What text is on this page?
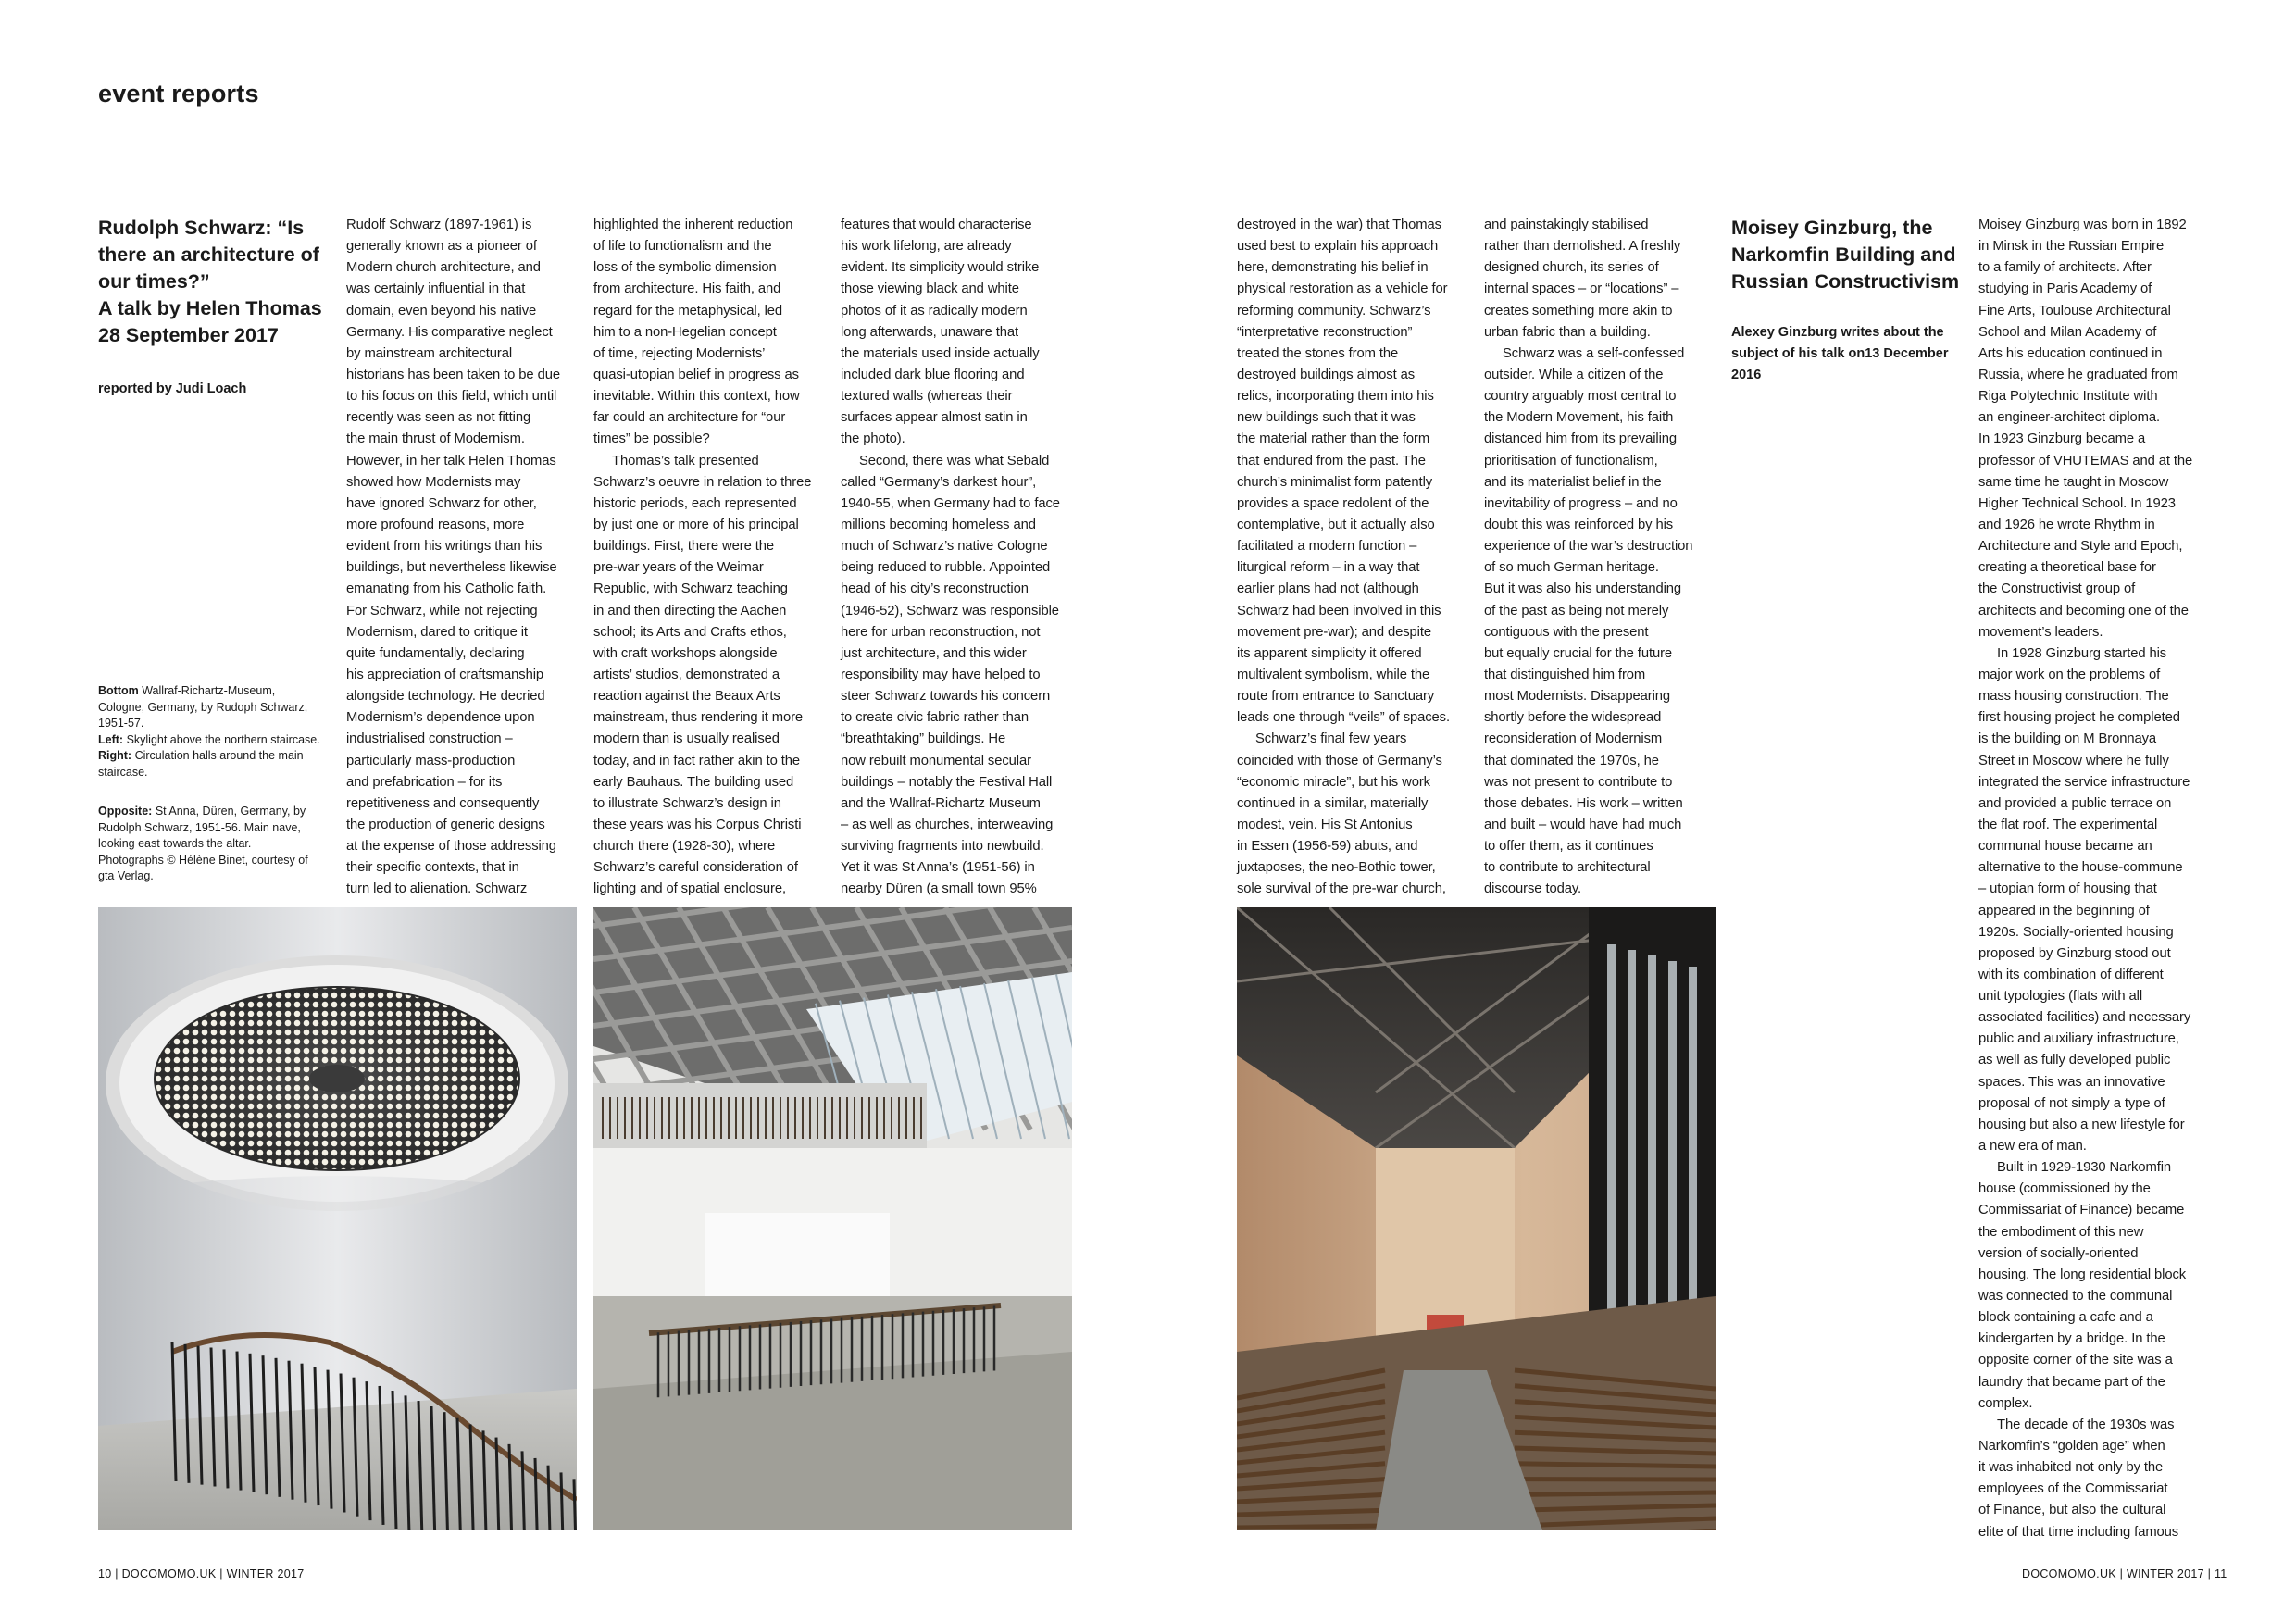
event reports
Rudolph Schwarz: “Is
there an architecture of
our times?”
A talk by Helen Thomas
28 September 2017
reported by Judi Loach
Bottom Wallraf-Richartz-Museum,
Cologne, Germany, by Rudoph Schwarz,
1951-57.
Left: Skylight above the northern staircase.
Right: Circulation halls around the main
staircase.
Opposite: St Anna, Düren, Germany, by
Rudolph Schwarz, 1951-56. Main nave,
looking east towards the altar.
Photographs © Hélène Binet, courtesy of
gta Verlag.
Rudolf Schwarz (1897-1961) is
generally known as a pioneer of
Modern church architecture, and
was certainly influential in that
domain, even beyond his native
Germany. His comparative neglect
by mainstream architectural
historians has been taken to be due
to his focus on this field, which until
recently was seen as not fitting
the main thrust of Modernism.
However, in her talk Helen Thomas
showed how Modernists may
have ignored Schwarz for other,
more profound reasons, more
evident from his writings than his
buildings, but nevertheless likewise
emanating from his Catholic faith.
For Schwarz, while not rejecting
Modernism, dared to critique it
quite fundamentally, declaring
his appreciation of craftsmanship
alongside technology. He decried
Modernism’s dependence upon
industrialised construction –
particularly mass-production
and prefabrication – for its
repetitiveness and consequently
the production of generic designs
at the expense of those addressing
their specific contexts, that in
turn led to alienation. Schwarz
highlighted the inherent reduction
of life to functionalism and the
loss of the symbolic dimension
from architecture. His faith, and
regard for the metaphysical, led
him to a non-Hegelian concept
of time, rejecting Modernists’
quasi-utopian belief in progress as
inevitable. Within this context, how
far could an architecture for “our
times” be possible?
Thomas’s talk presented
Schwarz’s oeuvre in relation to three
historic periods, each represented
by just one or more of his principal
buildings. First, there were the
pre-war years of the Weimar
Republic, with Schwarz teaching
in and then directing the Aachen
school; its Arts and Crafts ethos,
with craft workshops alongside
artists’ studios, demonstrated a
reaction against the Beaux Arts
mainstream, thus rendering it more
modern than is usually realised
today, and in fact rather akin to the
early Bauhaus. The building used
to illustrate Schwarz’s design in
these years was his Corpus Christi
church there (1928-30), where
Schwarz’s careful consideration of
lighting and of spatial enclosure,
features that would characterise
his work lifelong, are already
evident. Its simplicity would strike
those viewing black and white
photos of it as radically modern
long afterwards, unaware that
the materials used inside actually
included dark blue flooring and
textured walls (whereas their
surfaces appear almost satin in
the photo).
Second, there was what Sebald
called “Germany’s darkest hour”,
1940-55, when Germany had to face
millions becoming homeless and
much of Schwarz’s native Cologne
being reduced to rubble. Appointed
head of his city’s reconstruction
(1946-52), Schwarz was responsible
here for urban reconstruction, not
just architecture, and this wider
responsibility may have helped to
steer Schwarz towards his concern
to create civic fabric rather than
“breathtaking” buildings. He
now rebuilt monumental secular
buildings – notably the Festival Hall
and the Wallraf-Richartz Museum
– as well as churches, interweaving
surviving fragments into newbuild.
Yet it was St Anna’s (1951-56) in
nearby Düren (a small town 95%
destroyed in the war) that Thomas
used best to explain his approach
here, demonstrating his belief in
physical restoration as a vehicle for
reforming community. Schwarz’s
“interpretative reconstruction”
treated the stones from the
destroyed buildings almost as
relics, incorporating them into his
new buildings such that it was
the material rather than the form
that endured from the past. The
church’s minimalist form patently
provides a space redolent of the
contemplative, but it actually also
facilitated a modern function –
liturgical reform – in a way that
earlier plans had not (although
Schwarz had been involved in this
movement pre-war); and despite
its apparent simplicity it offered
multivalent symbolism, while the
route from entrance to Sanctuary
leads one through “veils” of spaces.
Schwarz’s final few years
coincided with those of Germany’s
“economic miracle”, but his work
continued in a similar, materially
modest, vein. His St Antonius
in Essen (1956-59) abuts, and
juxtaposes, the neo-Bothic tower,
sole survival of the pre-war church,
and painstakingly stabilised
rather than demolished. A freshly
designed church, its series of
internal spaces – or “locations” –
creates something more akin to
urban fabric than a building.
Schwarz was a self-confessed
outsider. While a citizen of the
country arguably most central to
the Modern Movement, his faith
distanced him from its prevailing
prioritisation of functionalism,
and its materialist belief in the
inevitability of progress – and no
doubt this was reinforced by his
experience of the war’s destruction
of so much German heritage.
But it was also his understanding
of the past as being not merely
contiguous with the present
but equally crucial for the future
that distinguished him from
most Modernists. Disappearing
shortly before the widespread
reconsideration of Modernism
that dominated the 1970s, he
was not present to contribute to
those debates. His work – written
and built – would have had much
to offer them, as it continues
to contribute to architectural
discourse today.
Moisey Ginzburg was born in 1892
in Minsk in the Russian Empire
to a family of architects. After
studying in Paris Academy of
Fine Arts, Toulouse Architectural
School and Milan Academy of
Arts his education continued in
Russia, where he graduated from
Riga Polytechnic Institute with
an engineer-architect diploma.
In 1923 Ginzburg became a
professor of VHUTEMAS and at the
same time he taught in Moscow
Higher Technical School. In 1923
and 1926 he wrote Rhythm in
Architecture and Style and Epoch,
creating a theoretical base for
the Constructivist group of
architects and becoming one of the
movement’s leaders.
In 1928 Ginzburg started his
major work on the problems of
mass housing construction. The
first housing project he completed
is the building on M Bronnaya
Street in Moscow where he fully
integrated the service infrastructure
and provided a public terrace on
the flat roof. The experimental
communal house became an
alternative to the house-commune
– utopian form of housing that
appeared in the beginning of
1920s. Socially-oriented housing
proposed by Ginzburg stood out
with its combination of different
unit typologies (flats with all
associated facilities) and necessary
public and auxiliary infrastructure,
as well as fully developed public
spaces. This was an innovative
proposal of not simply a type of
housing but also a new lifestyle for
a new era of man.
Built in 1929-1930 Narkomfin
house (commissioned by the
Commissariat of Finance) became
the embodiment of this new
version of socially-oriented
housing. The long residential block
was connected to the communal
block containing a cafe and a
kindergarten by a bridge. In the
opposite corner of the site was a
laundry that became part of the
complex.
The decade of the 1930s was
Narkomfin’s “golden age” when
it was inhabited not only by the
employees of the Commissariat
of Finance, but also the cultural
elite of that time including famous
Moisey Ginzburg, the
Narkomfin Building and
Russian Constructivism
Alexey Ginzburg writes about the
subject of his talk on13 December
2016
10 | DOCOMOMO.UK | WINTER 2017	DOCOMOMO.UK | WINTER 2017 | 11
